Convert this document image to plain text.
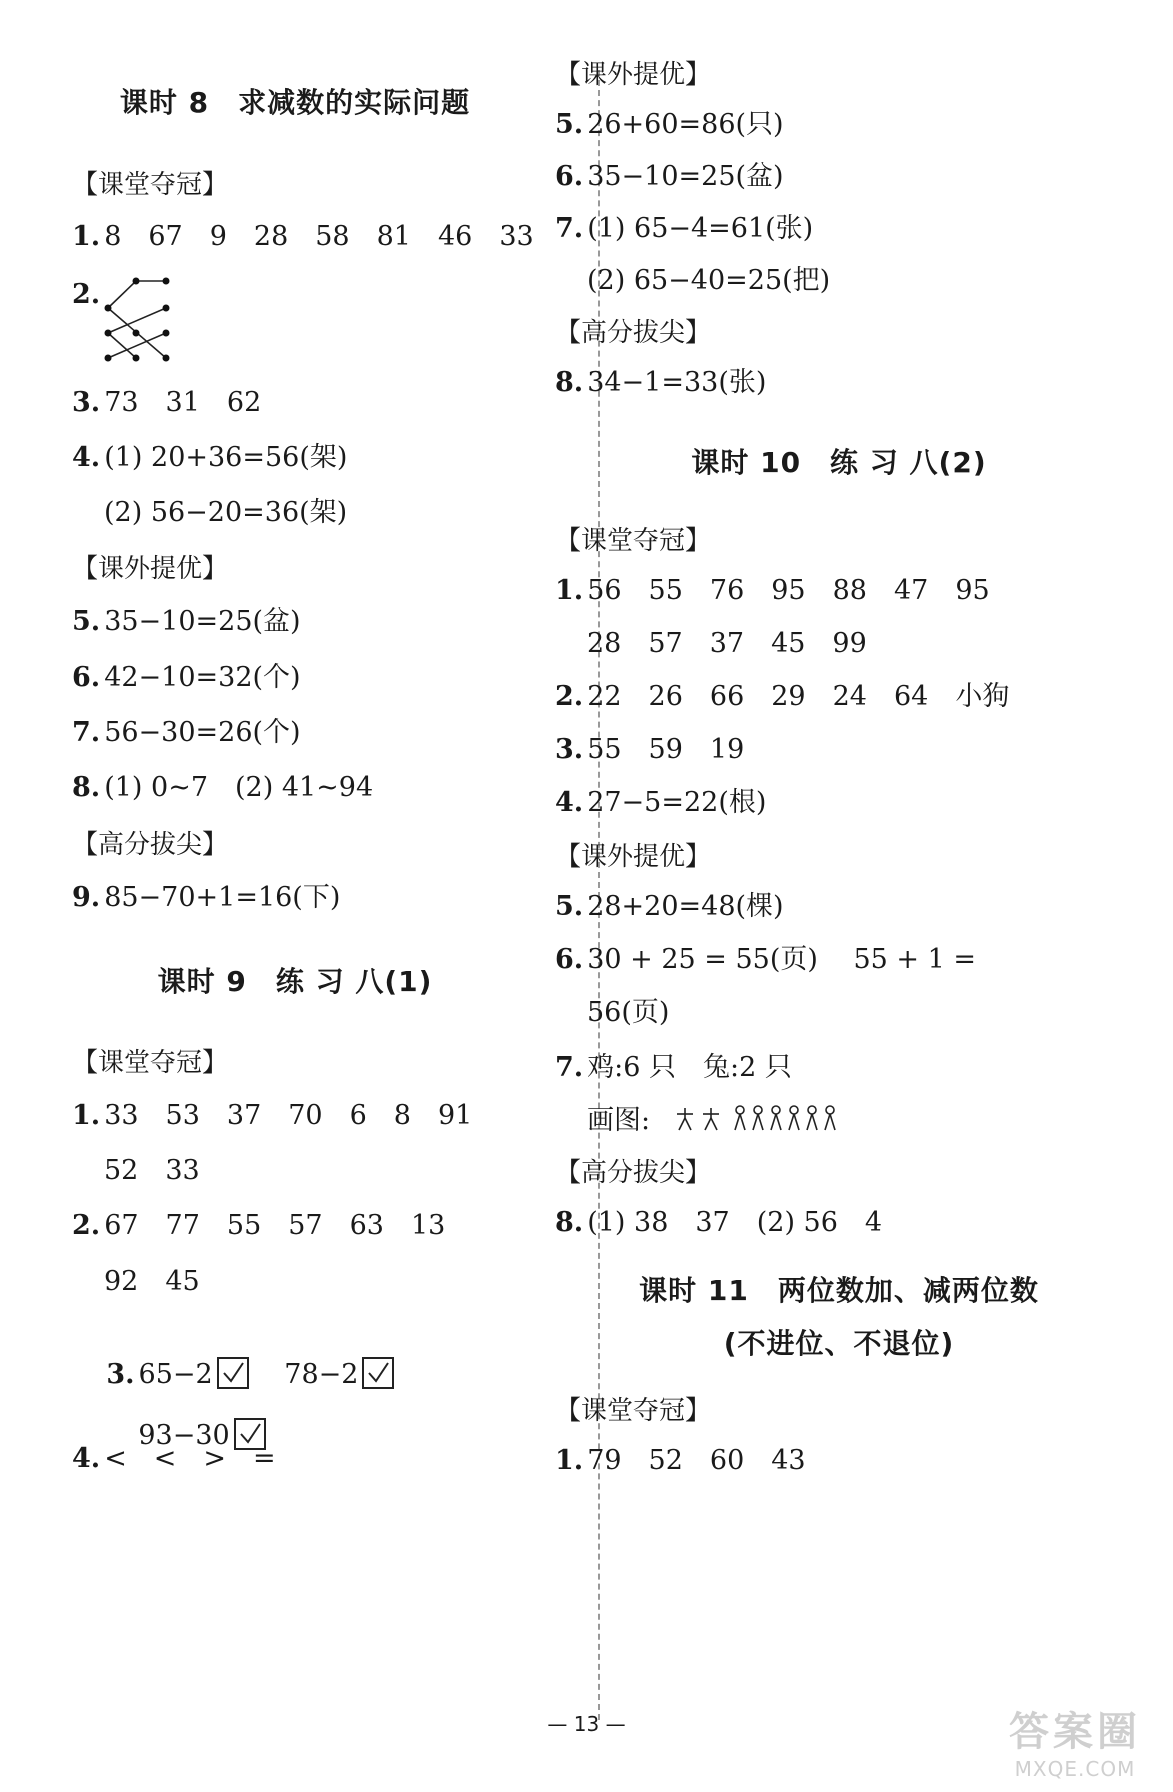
课时 8　求减数的实际问题
【课堂夺冠】
1. 8　67　9　28　58　81　46　33
2.
3. 73　31　62
4. (1) 20+36=56(架)
(2) 56−20=36(架)
【课外提优】
5. 35−10=25(盆)
6. 42−10=32(个)
7. 56−30=26(个)
8. (1) 0~7　(2) 41~94
【高分拔尖】
9. 85−70+1=16(下)
课时 9　练 习 八(1)
【课堂夺冠】
1. 33　53　37　70　6　8　91
52　33
2. 67　77　55　57　63　13
92　45

3. 65−2
　	78−2

93−30

4. <　<　>　=
【课外提优】
5. 26+60=86(只)
6. 35−10=25(盆)
7. (1) 65−4=61(张)
(2) 65−40=25(把)
【高分拔尖】
8. 34−1=33(张)
课时 10　练 习 八(2)
【课堂夺冠】
1. 56　55　76　95　88　47　95
28　57　37　45　99
2. 22　26　66　29　24　64　小狗
3. 55　59　19
4. 27−5=22(根)
【课外提优】
5. 28+20=48(棵)
6. 30 + 25 = 55(页)　 55 + 1 =
56(页)
7. 鸡:6 只　兔:2 只
画图:
【高分拔尖】
8. (1) 38　37　(2) 56　4
课时 11　两位数加、减两位数
(不进位、不退位)
【课堂夺冠】
1. 79　52　60　43
— 13 —	答案圈
MXQE.COM
